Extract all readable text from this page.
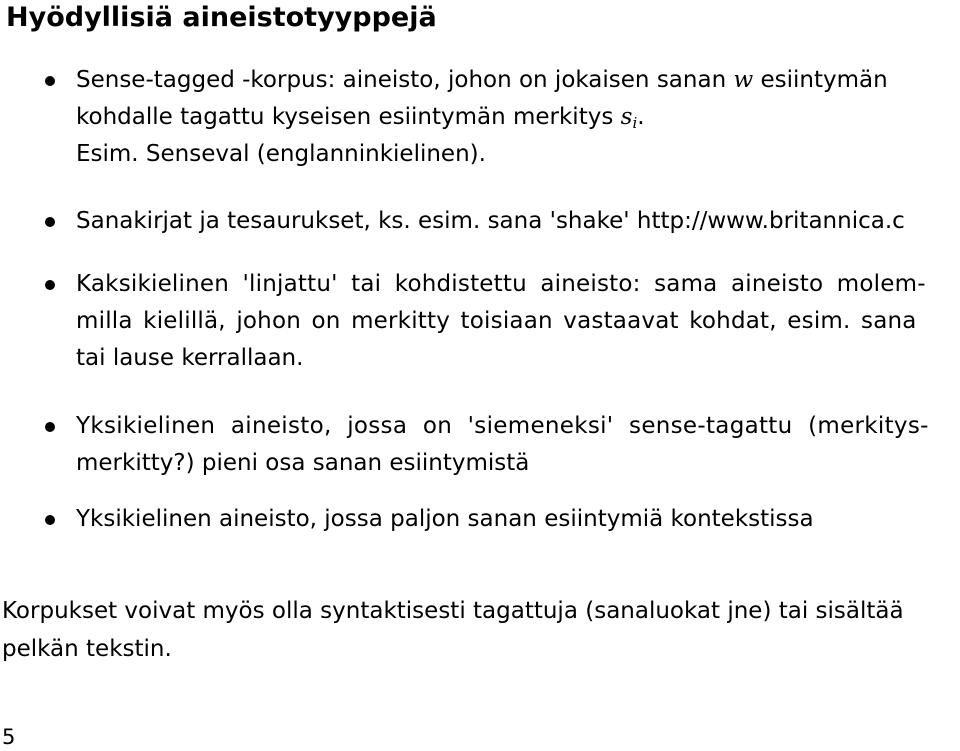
Hyödyllisiä aineistotyyppejä
Sense-tagged -korpus: aineisto, johon on jokaisen sanan w esiintymän
kohdalle tagattu kyseisen esiintymän merkitys $s_i$.
Esim. Senseval (englanninkielinen).
Sanakirjat ja tesaurukset, ks. esim. sana 'shake' http://www.britannica.c
Kaksikielinen 'linjattu' tai kohdistettu aineisto: sama aineisto molem-
milla kielillä, johon on merkitty toisiaan vastaavat kohdat, esim. sana
tai lause kerrallaan.
Yksikielinen aineisto, jossa on 'siemeneksi' sense-tagattu (merkitys-
merkitty?) pieni osa sanan esiintymistä
Yksikielinen aineisto, jossa paljon sanan esiintymiä kontekstissa
Korpukset voivat myös olla syntaktisesti tagattuja (sanaluokat jne) tai sisältää
pelkän tekstin.
5
